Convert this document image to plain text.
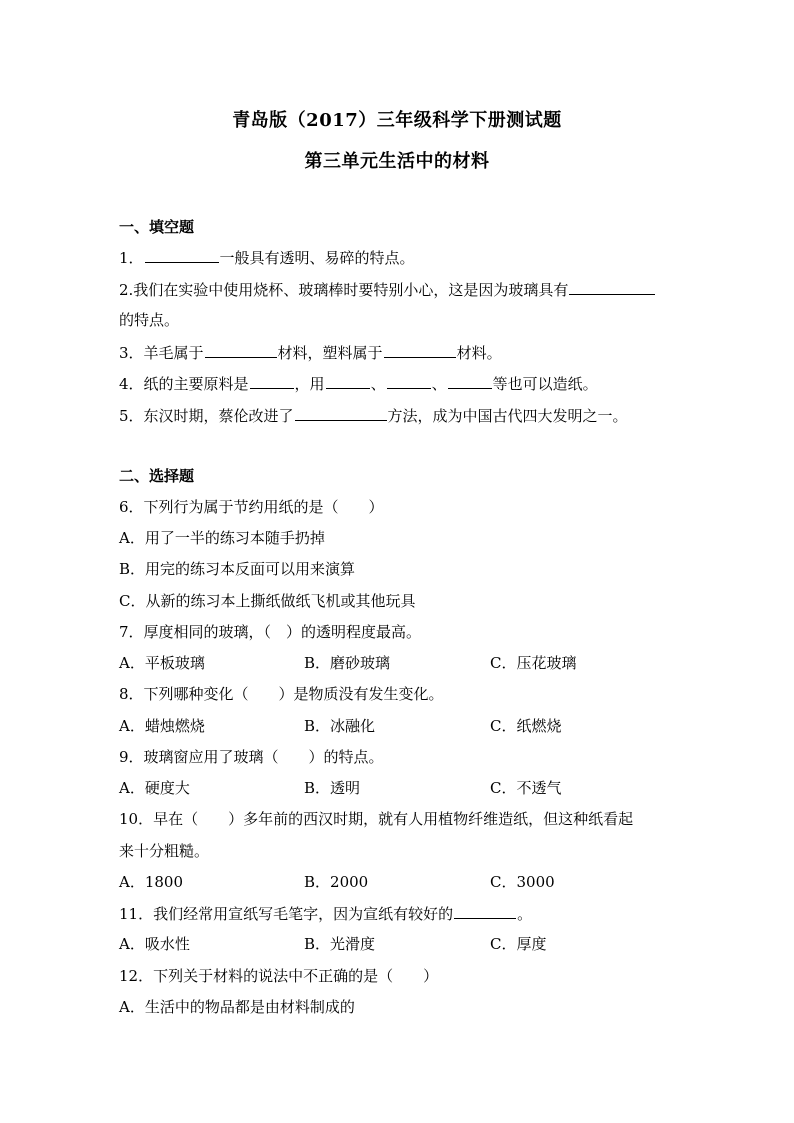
青岛版（2017）三年级科学下册测试题
第三单元生活中的材料
一、填空题
1．	一般具有透明、易碎的特点。
2.我们在实验中使用烧杯、玻璃棒时要特别小心，这是因为玻璃具有
的特点。
3．羊毛属于	材料，塑料属于	材料。
4．纸的主要原料是	，用	、	、	等也可以造纸。
5．东汉时期，蔡伦改进了	方法，成为中国古代四大发明之一。
二、选择题
6．下列行为属于节约用纸的是（　　）
A．用了一半的练习本随手扔掉
B．用完的练习本反面可以用来演算
C．从新的练习本上撕纸做纸飞机或其他玩具
7．厚度相同的玻璃，（　）的透明程度最高。
A．平板玻璃	B．磨砂玻璃	C．压花玻璃
8．下列哪种变化（　　）是物质没有发生变化。
A．蜡烛燃烧	B．冰融化	C．纸燃烧
9．玻璃窗应用了玻璃（　　）的特点。
A．硬度大	B．透明	C．不透气
10．早在（　　）多年前的西汉时期，就有人用植物纤维造纸，但这种纸看起
来十分粗糙。
A．1800	B．2000	C．3000
11．我们经常用宣纸写毛笔字，因为宣纸有较好的	。
A．吸水性	B．光滑度	C．厚度
12．下列关于材料的说法中不正确的是（　　）
A．生活中的物品都是由材料制成的
